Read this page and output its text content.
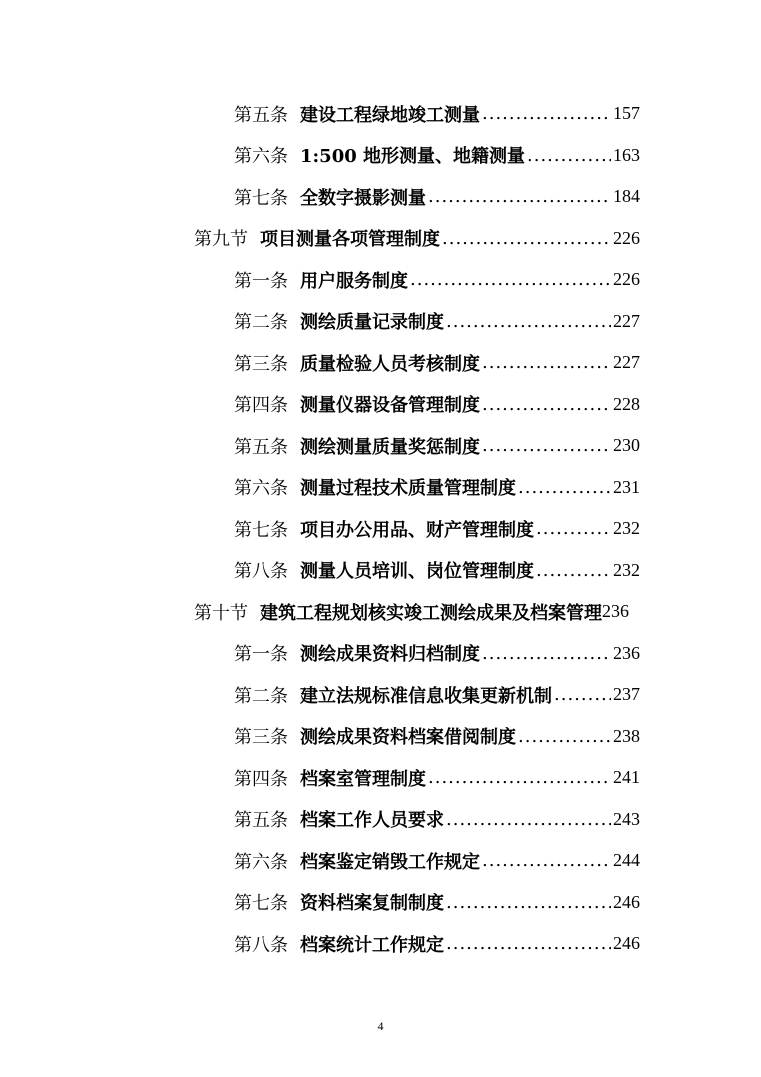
第五条 建设工程绿地竣工测量 .....	157
第六条 1:500 地形测量、地籍测量 .....	163
第七条 全数字摄影测量 .....	184
第九节 项目测量各项管理制度 .....	226
第一条 用户服务制度 .....	226
第二条 测绘质量记录制度 .....	227
第三条 质量检验人员考核制度 .....	227
第四条 测量仪器设备管理制度 .....	228
第五条 测绘测量质量奖惩制度 .....	230
第六条 测量过程技术质量管理制度 .....	231
第七条 项目办公用品、财产管理制度 .....	232
第八条 测量人员培训、岗位管理制度 .....	232
第十节 建筑工程规划核实竣工测绘成果及档案管理 236
第一条 测绘成果资料归档制度 .....	236
第二条 建立法规标准信息收集更新机制 .....	237
第三条 测绘成果资料档案借阅制度 .....	238
第四条 档案室管理制度 .....	241
第五条 档案工作人员要求 .....	243
第六条 档案鉴定销毁工作规定 .....	244
第七条 资料档案复制制度 .....	246
第八条 档案统计工作规定 .....	246
4
